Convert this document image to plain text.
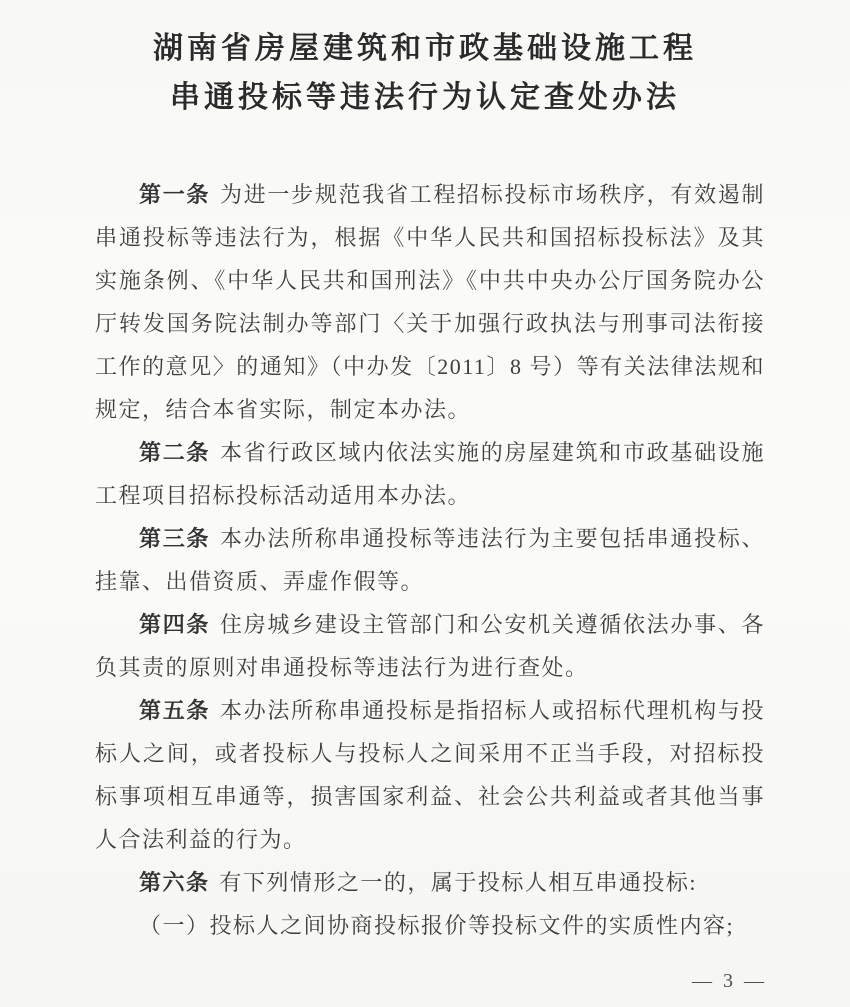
湖南省房屋建筑和市政基础设施工程
串通投标等违法行为认定查处办法

第一条 为进一步规范我省工程招标投标市场秩序，有效遏制串通投标等违法行为，根据《中华人民共和国招标投标法》及其实施条例、《中华人民共和国刑法》《中共中央办公厅国务院办公厅转发国务院法制办等部门〈关于加强行政执法与刑事司法衔接工作的意见〉的通知》（中办发〔2011〕8 号）等有关法律法规和规定，结合本省实际，制定本办法。

第二条 本省行政区域内依法实施的房屋建筑和市政基础设施工程项目招标投标活动适用本办法。

第三条 本办法所称串通投标等违法行为主要包括串通投标、挂靠、出借资质、弄虚作假等。

第四条 住房城乡建设主管部门和公安机关遵循依法办事、各负其责的原则对串通投标等违法行为进行查处。

第五条 本办法所称串通投标是指招标人或招标代理机构与投标人之间，或者投标人与投标人之间采用不正当手段，对招标投标事项相互串通等，损害国家利益、社会公共利益或者其他当事人合法利益的行为。

第六条 有下列情形之一的，属于投标人相互串通投标:

（一）投标人之间协商投标报价等投标文件的实质性内容;

— 3 —
